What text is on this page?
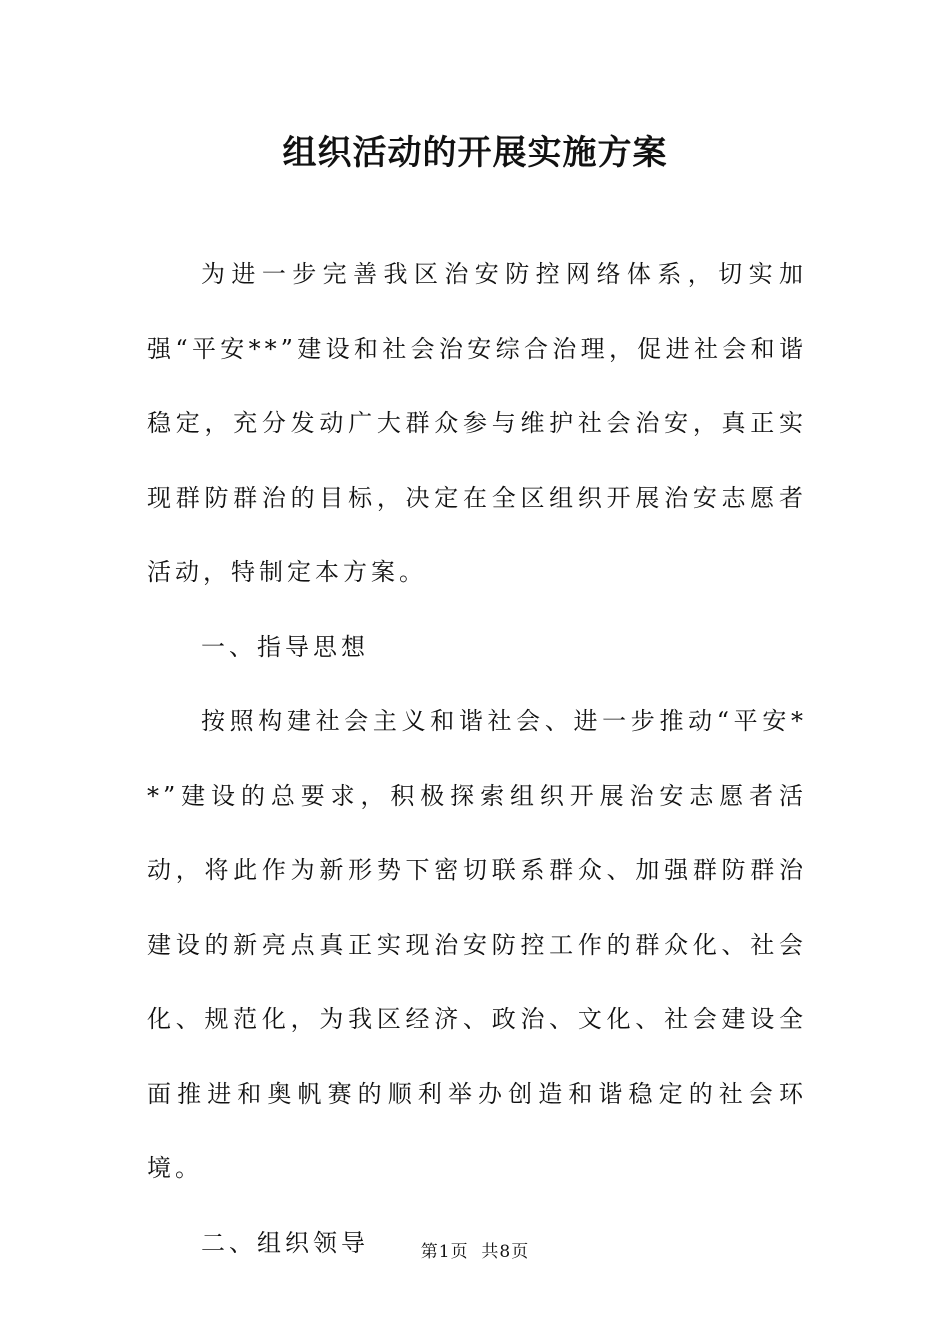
组织活动的开展实施方案

为进一步完善我区治安防控网络体系，切实加强“平安**”建设和社会治安综合治理，促进社会和谐稳定，充分发动广大群众参与维护社会治安，真正实现群防群治的目标，决定在全区组织开展治安志愿者活动，特制定本方案。

一、指导思想

按照构建社会主义和谐社会、进一步推动“平安**”建设的总要求，积极探索组织开展治安志愿者活动，将此作为新形势下密切联系群众、加强群防群治建设的新亮点真正实现治安防控工作的群众化、社会化、规范化，为我区经济、政治、文化、社会建设全面推进和奥帆赛的顺利举办创造和谐稳定的社会环境。

二、组织领导	第1页 共8页
